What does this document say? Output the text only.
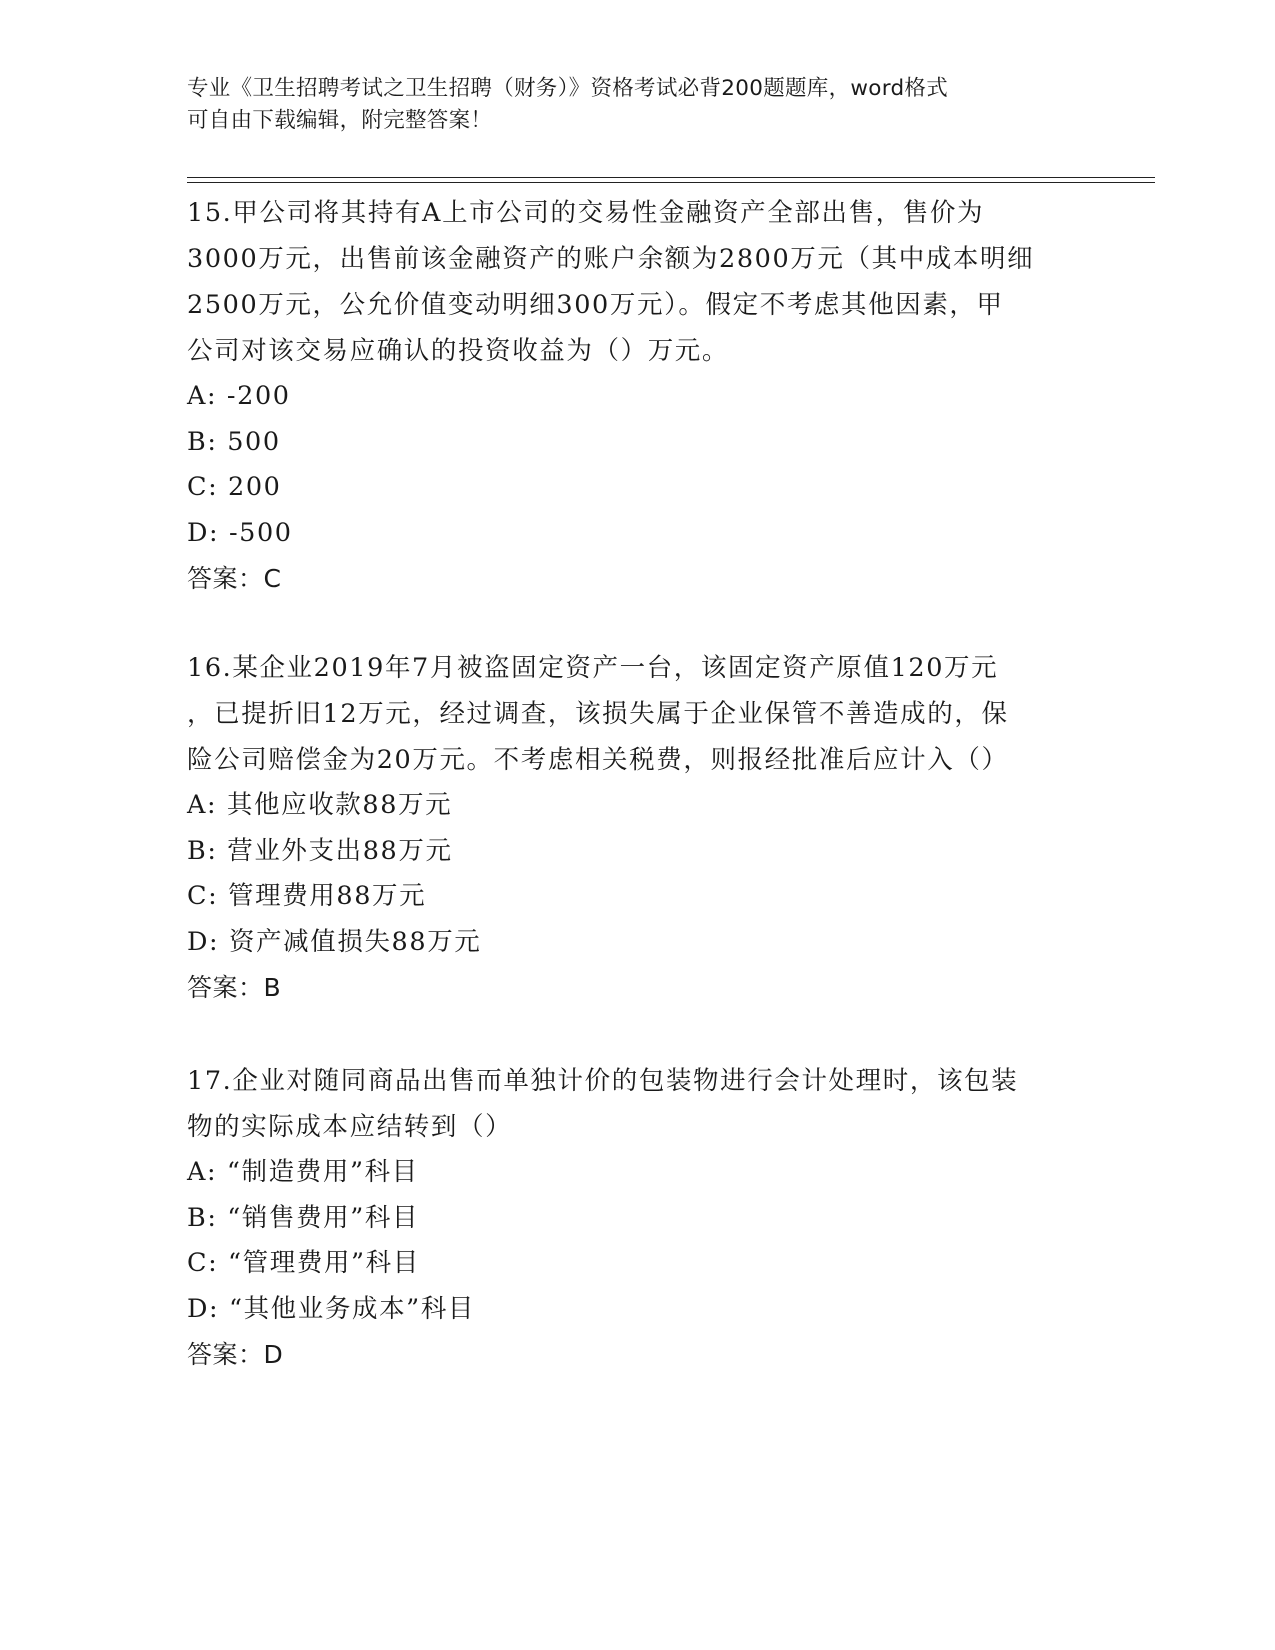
专业《卫生招聘考试之卫生招聘（财务）》资格考试必背200题题库，word格式
可自由下载编辑，附完整答案！
15.甲公司将其持有A上市公司的交易性金融资产全部出售，售价为
3000万元，出售前该金融资产的账户余额为2800万元（其中成本明细
2500万元，公允价值变动明细300万元）。假定不考虑其他因素，甲
公司对该交易应确认的投资收益为（）万元。
A: -200
B: 500
C: 200
D: -500
答案：C
16.某企业2019年7月被盗固定资产一台，该固定资产原值120万元
，已提折旧12万元，经过调查，该损失属于企业保管不善造成的，保
险公司赔偿金为20万元。不考虑相关税费，则报经批准后应计入（）
A: 其他应收款88万元
B: 营业外支出88万元
C: 管理费用88万元
D: 资产减值损失88万元
答案：B
17.企业对随同商品出售而单独计价的包装物进行会计处理时，该包装
物的实际成本应结转到（）
A: “制造费用”科目
B: “销售费用”科目
C: “管理费用”科目
D: “其他业务成本”科目
答案：D
